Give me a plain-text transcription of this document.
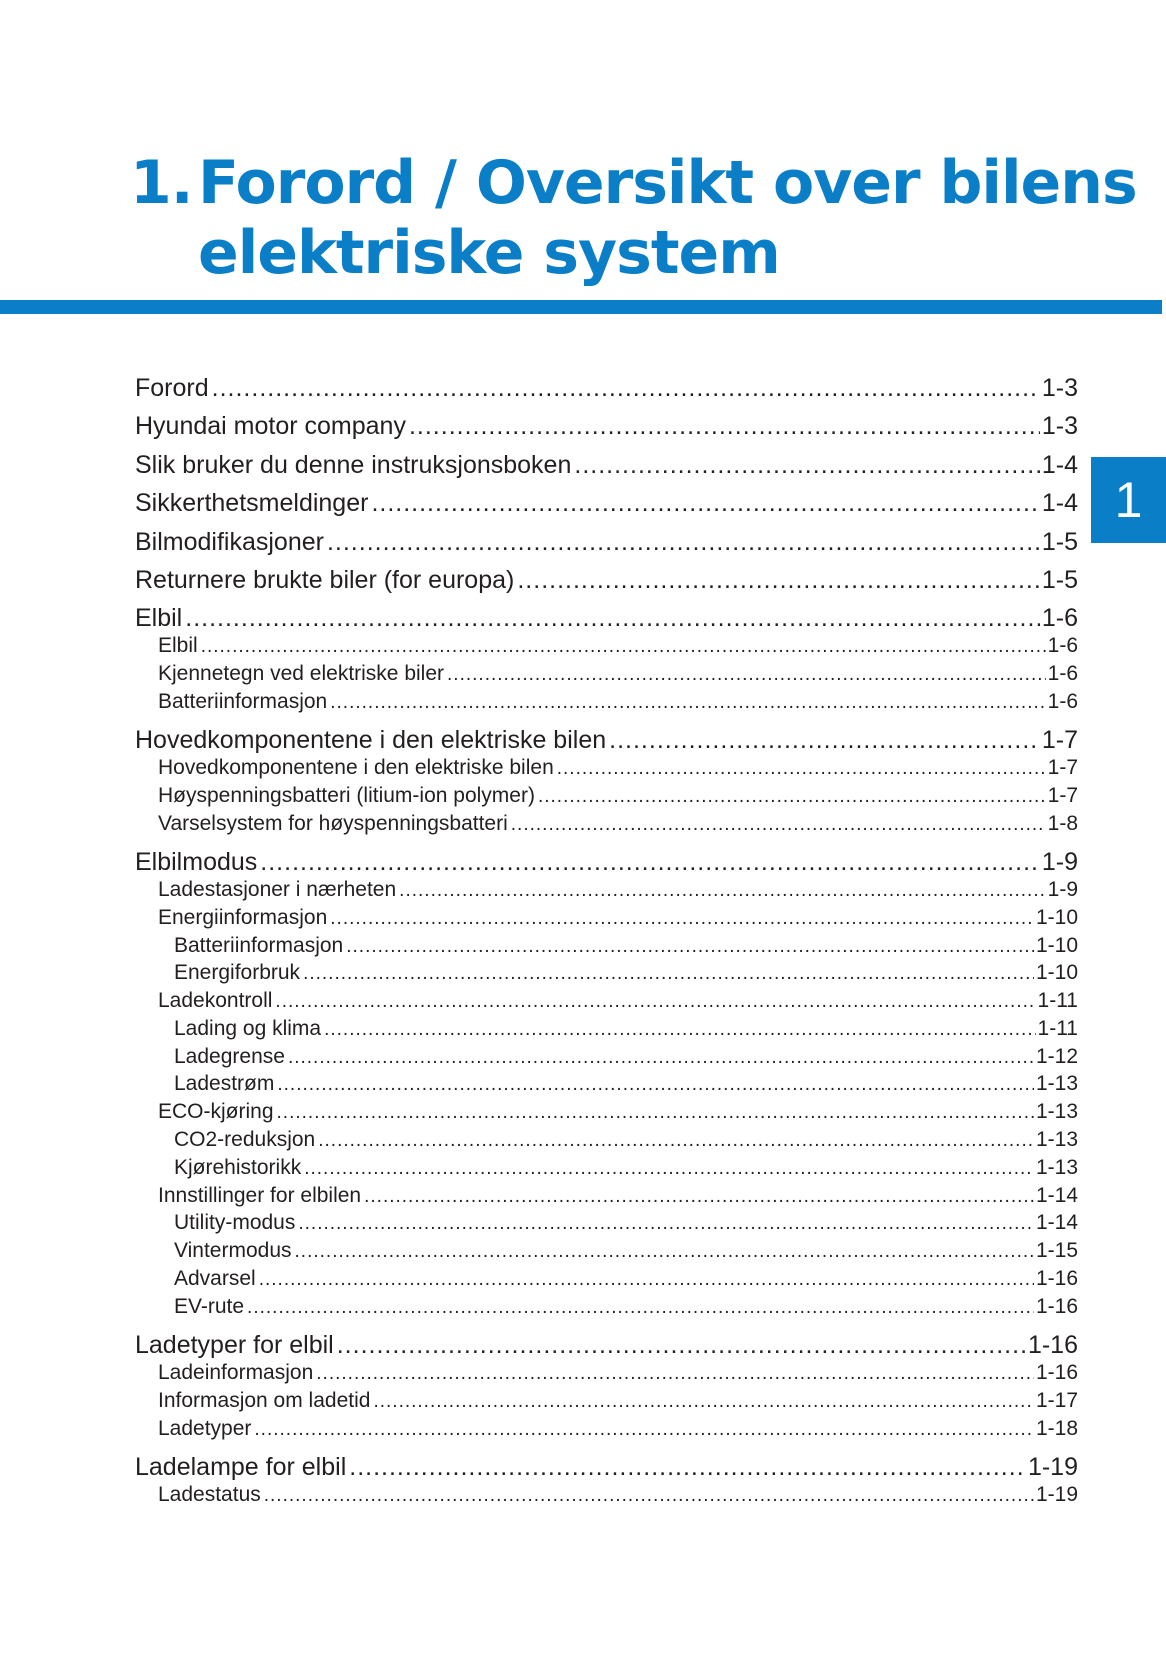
1. Forord / Oversikt over bilens
elektriske system
1
Forord .....	1-3
Hyundai motor company .....	1-3
Slik bruker du denne instruksjonsboken .....	1-4
Sikkerthetsmeldinger .....	1-4
Bilmodifikasjoner .....	1-5
Returnere brukte biler (for europa) .....	1-5
Elbil .....	1-6
Elbil .....	1-6
Kjennetegn ved elektriske biler .....	1-6
Batteriinformasjon .....	1-6
Hovedkomponentene i den elektriske bilen .....	1-7
Hovedkomponentene i den elektriske bilen .....	1-7
Høyspenningsbatteri (litium-ion polymer) .....	1-7
Varselsystem for høyspenningsbatteri .....	1-8
Elbilmodus .....	1-9
Ladestasjoner i nærheten .....	1-9
Energiinformasjon .....	1-10
Batteriinformasjon .....	1-10
Energiforbruk .....	1-10
Ladekontroll .....	1-11
Lading og klima .....	1-11
Ladegrense .....	1-12
Ladestrøm .....	1-13
ECO-kjøring .....	1-13
CO2-reduksjon .....	1-13
Kjørehistorikk .....	1-13
Innstillinger for elbilen .....	1-14
Utility-modus .....	1-14
Vintermodus .....	1-15
Advarsel .....	1-16
EV-rute .....	1-16
Ladetyper for elbil .....	1-16
Ladeinformasjon .....	1-16
Informasjon om ladetid .....	1-17
Ladetyper .....	1-18
Ladelampe for elbil .....	1-19
Ladestatus .....	1-19
